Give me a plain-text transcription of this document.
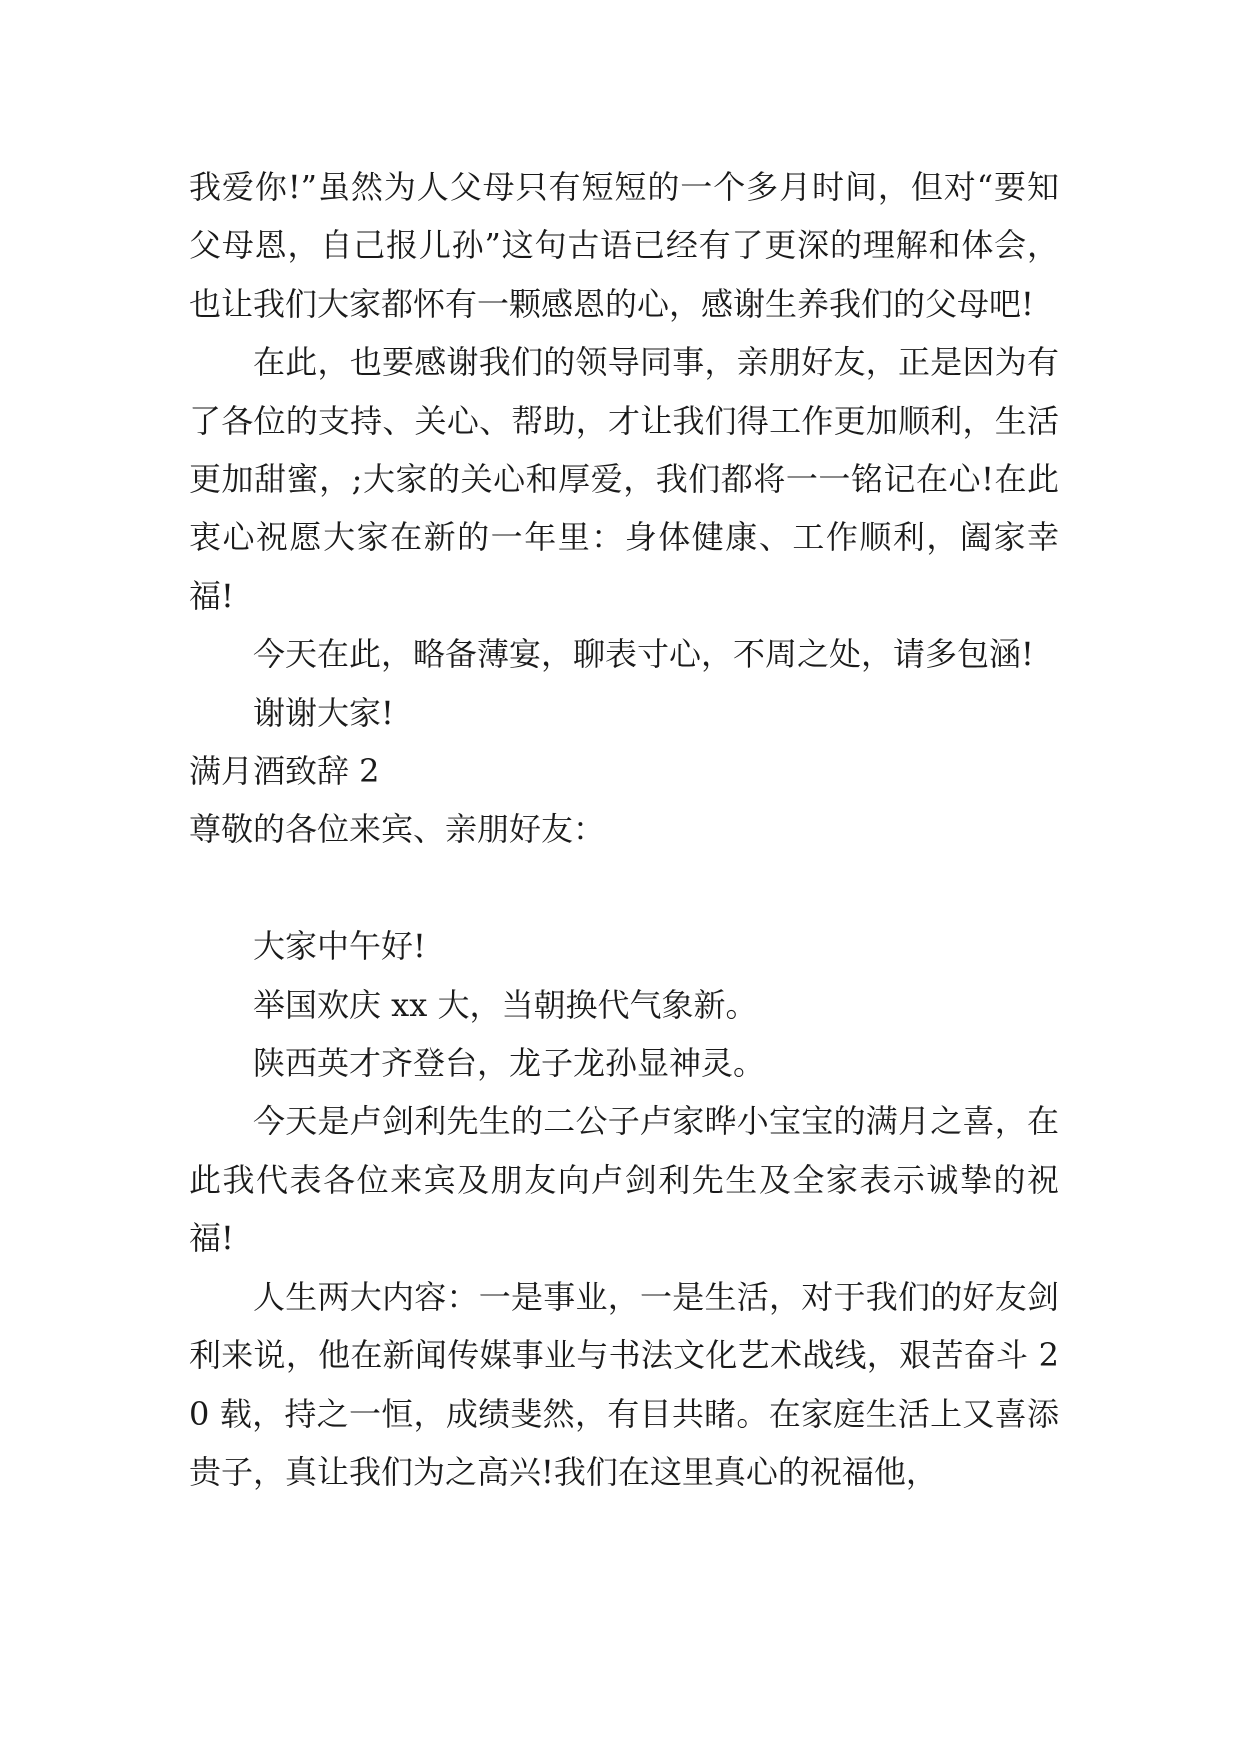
我爱你!”虽然为人父母只有短短的一个多月时间，但对“要知父母恩，自己报儿孙”这句古语已经有了更深的理解和体会，也让我们大家都怀有一颗感恩的心，感谢生养我们的父母吧!

在此，也要感谢我们的领导同事，亲朋好友，正是因为有了各位的支持、关心、帮助，才让我们得工作更加顺利，生活更加甜蜜，;大家的关心和厚爱，我们都将一一铭记在心!在此衷心祝愿大家在新的一年里：身体健康、工作顺利，阖家幸福!

今天在此，略备薄宴，聊表寸心，不周之处，请多包涵!

谢谢大家!

满月酒致辞 2

尊敬的各位来宾、亲朋好友：

大家中午好!

举国欢庆 xx 大，当朝换代气象新。

陕西英才齐登台，龙子龙孙显神灵。

今天是卢剑利先生的二公子卢家晔小宝宝的满月之喜，在此我代表各位来宾及朋友向卢剑利先生及全家表示诚挚的祝福!

人生两大内容：一是事业，一是生活，对于我们的好友剑利来说，他在新闻传媒事业与书法文化艺术战线，艰苦奋斗 20 载，持之一恒，成绩斐然，有目共睹。在家庭生活上又喜添贵子，真让我们为之高兴!我们在这里真心的祝福他，
